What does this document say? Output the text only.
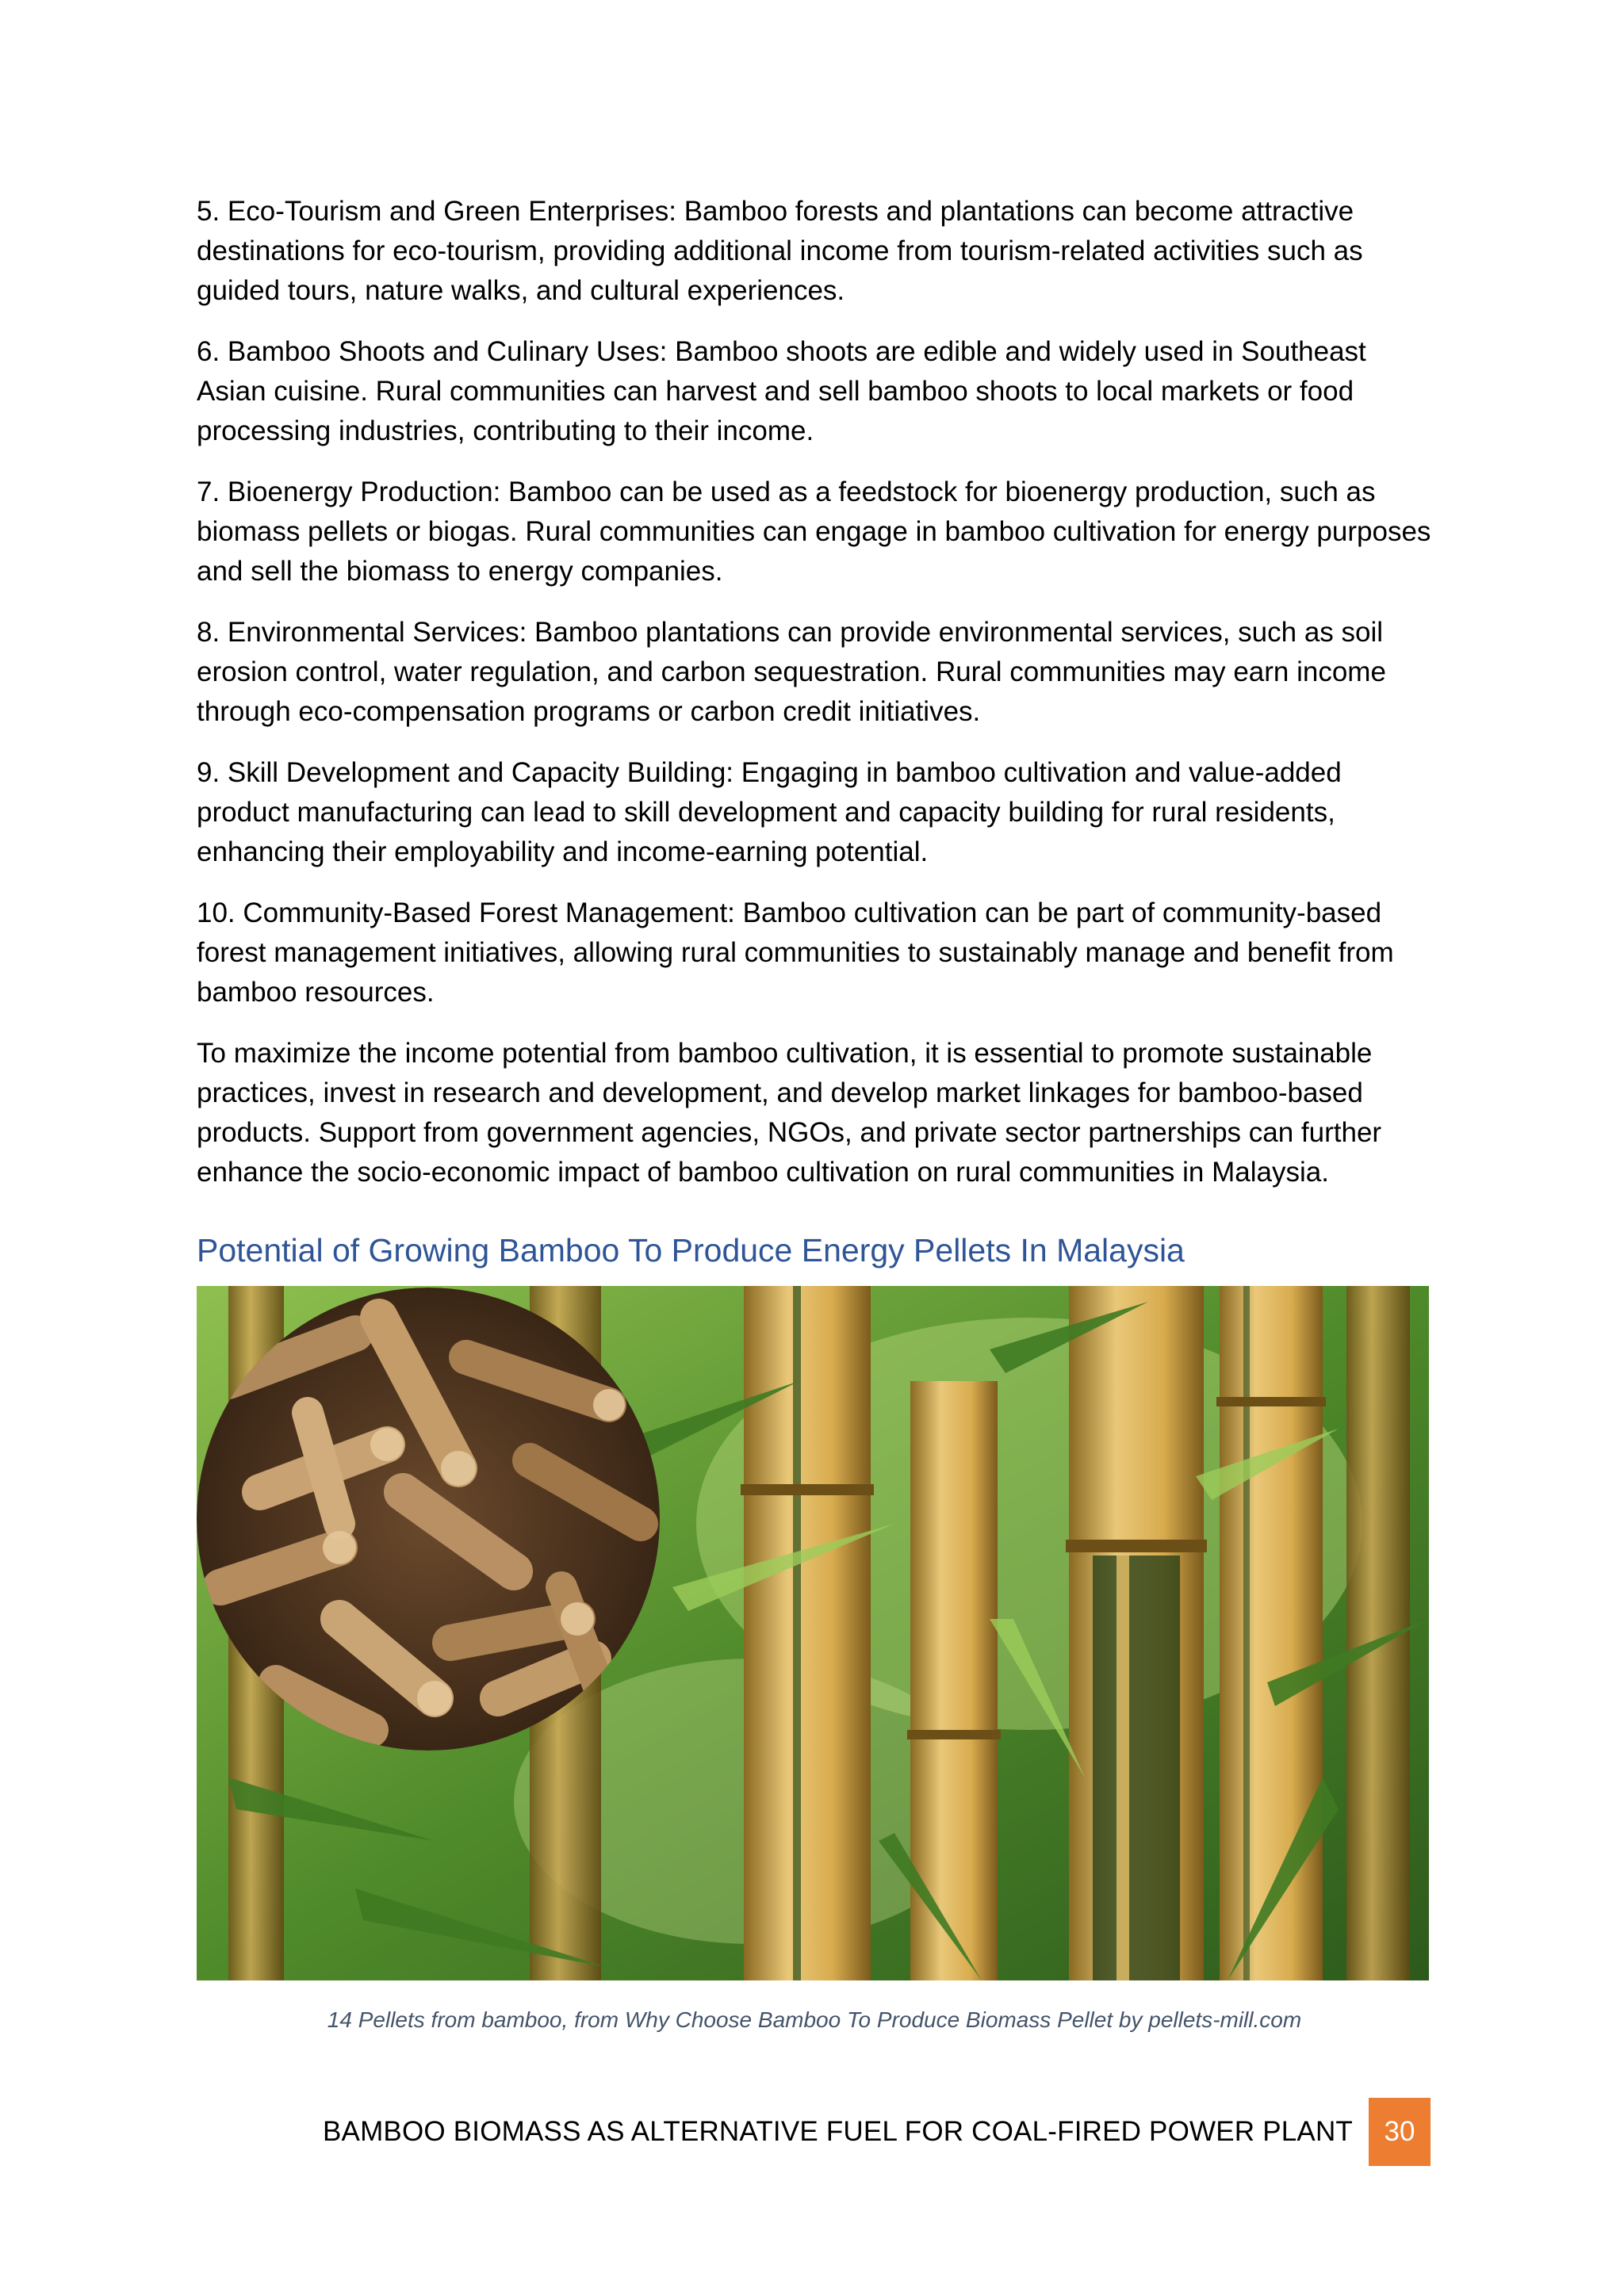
5. Eco-Tourism and Green Enterprises: Bamboo forests and plantations can become attractive destinations for eco-tourism, providing additional income from tourism-related activities such as guided tours, nature walks, and cultural experiences.

6. Bamboo Shoots and Culinary Uses: Bamboo shoots are edible and widely used in Southeast Asian cuisine. Rural communities can harvest and sell bamboo shoots to local markets or food processing industries, contributing to their income.

7. Bioenergy Production: Bamboo can be used as a feedstock for bioenergy production, such as biomass pellets or biogas. Rural communities can engage in bamboo cultivation for energy purposes and sell the biomass to energy companies.

8. Environmental Services: Bamboo plantations can provide environmental services, such as soil erosion control, water regulation, and carbon sequestration. Rural communities may earn income through eco-compensation programs or carbon credit initiatives.

9. Skill Development and Capacity Building: Engaging in bamboo cultivation and value-added product manufacturing can lead to skill development and capacity building for rural residents, enhancing their employability and income-earning potential.

10. Community-Based Forest Management: Bamboo cultivation can be part of community-based forest management initiatives, allowing rural communities to sustainably manage and benefit from bamboo resources.

To maximize the income potential from bamboo cultivation, it is essential to promote sustainable practices, invest in research and development, and develop market linkages for bamboo-based products. Support from government agencies, NGOs, and private sector partnerships can further enhance the socio-economic impact of bamboo cultivation on rural communities in Malaysia.

Potential of Growing Bamboo To Produce Energy Pellets In Malaysia
14 Pellets from bamboo, from Why Choose Bamboo To Produce Biomass Pellet by pellets-mill.com
BAMBOO BIOMASS AS ALTERNATIVE FUEL FOR COAL-FIRED POWER PLANT	30
